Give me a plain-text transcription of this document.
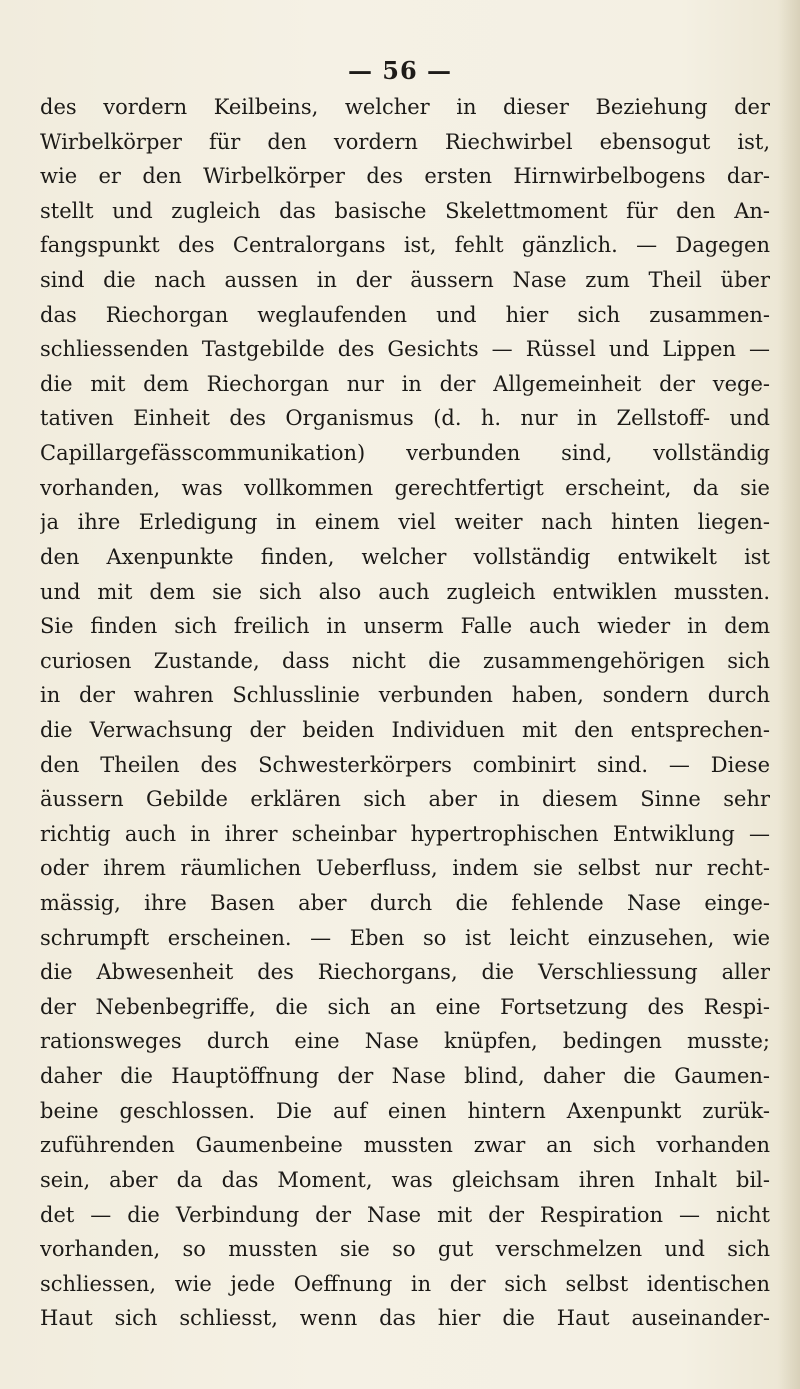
— 56 —
des vordern Keilbeins, welcher in dieser Beziehung der
Wirbelkörper für den vordern Riechwirbel ebensogut ist,
wie er den Wirbelkörper des ersten Hirnwirbelbogens dar-
stellt und zugleich das basische Skelettmoment für den An-
fangspunkt des Centralorgans ist, fehlt gänzlich. — Dagegen
sind die nach aussen in der äussern Nase zum Theil über
das Riechorgan weglaufenden und hier sich zusammen-
schliessenden Tastgebilde des Gesichts — Rüssel und Lippen —
die mit dem Riechorgan nur in der Allgemeinheit der vege-
tativen Einheit des Organismus (d. h. nur in Zellstoff- und
Capillargefässcommunikation) verbunden sind, vollständig
vorhanden, was vollkommen gerechtfertigt erscheint, da sie
ja ihre Erledigung in einem viel weiter nach hinten liegen-
den Axenpunkte finden, welcher vollständig entwikelt ist
und mit dem sie sich also auch zugleich entwiklen mussten.
Sie finden sich freilich in unserm Falle auch wieder in dem
curiosen Zustande, dass nicht die zusammengehörigen sich
in der wahren Schlusslinie verbunden haben, sondern durch
die Verwachsung der beiden Individuen mit den entsprechen-
den Theilen des Schwesterkörpers combinirt sind. — Diese
äussern Gebilde erklären sich aber in diesem Sinne sehr
richtig auch in ihrer scheinbar hypertrophischen Entwiklung —
oder ihrem räumlichen Ueberfluss, indem sie selbst nur recht-
mässig, ihre Basen aber durch die fehlende Nase einge-
schrumpft erscheinen. — Eben so ist leicht einzusehen, wie
die Abwesenheit des Riechorgans, die Verschliessung aller
der Nebenbegriffe, die sich an eine Fortsetzung des Respi-
rationsweges durch eine Nase knüpfen, bedingen musste;
daher die Hauptöffnung der Nase blind, daher die Gaumen-
beine geschlossen. Die auf einen hintern Axenpunkt zurük-
zuführenden Gaumenbeine mussten zwar an sich vorhanden
sein, aber da das Moment, was gleichsam ihren Inhalt bil-
det — die Verbindung der Nase mit der Respiration — nicht
vorhanden, so mussten sie so gut verschmelzen und sich
schliessen, wie jede Oeffnung in der sich selbst identischen
Haut sich schliesst, wenn das hier die Haut auseinander-
